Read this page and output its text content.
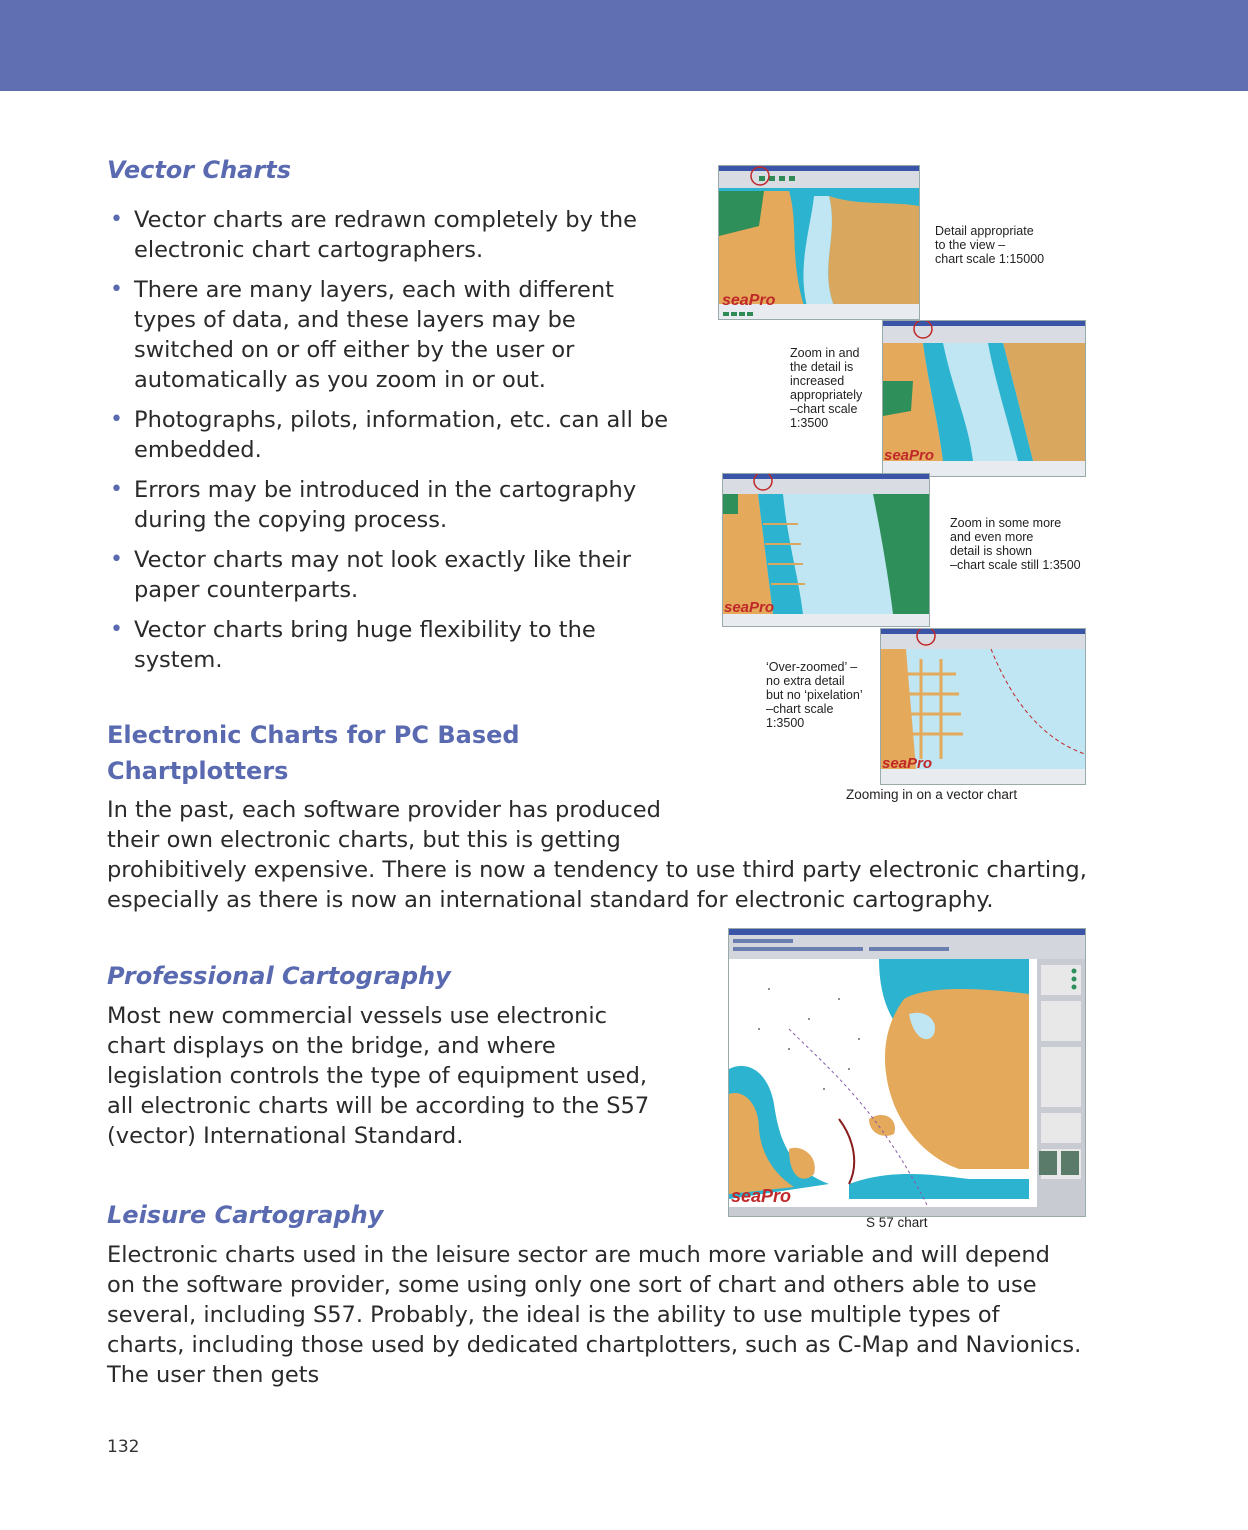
Vector Charts
• Vector charts are redrawn completely by the electronic chart cartographers.
• There are many layers, each with different types of data, and these layers may be switched on or off either by the user or automatically as you zoom in or out.
• Photographs, pilots, information, etc. can all be embedded.
• Errors may be introduced in the cartography during the copying process.
• Vector charts may not look exactly like their paper counterparts.
• Vector charts bring huge flexibility to the system.
Electronic Charts for PC Based
Chartplotters
In the past, each software provider has produced
their own electronic charts, but this is getting
prohibitively expensive. There is now a tendency to use third party electronic charting,
especially as there is now an international standard for electronic cartography.
Professional Cartography
Most new commercial vessels use electronic chart displays on the bridge, and where legislation controls the type of equipment used, all electronic charts will be according to the S57 (vector) International Standard.
Leisure Cartography
Electronic charts used in the leisure sector are much more variable and will depend on the software provider, some using only one sort of chart and others able to use several, including S57. Probably, the ideal is the ability to use multiple types of charts, including those used by dedicated chartplotters, such as C-Map and Navionics. The user then gets
seaPro
Detail appropriate
to the view –
chart scale 1:15000
seaPro
Zoom in and
the detail is
increased
appropriately
–chart scale
1:3500
seaPro
Zoom in some more
and even more
detail is shown
–chart scale still 1:3500
seaPro
‘Over-zoomed’ –
no extra detail
but no ‘pixelation’
–chart scale
1:3500
Zooming in on a vector chart
seaPro
S 57 chart
132
